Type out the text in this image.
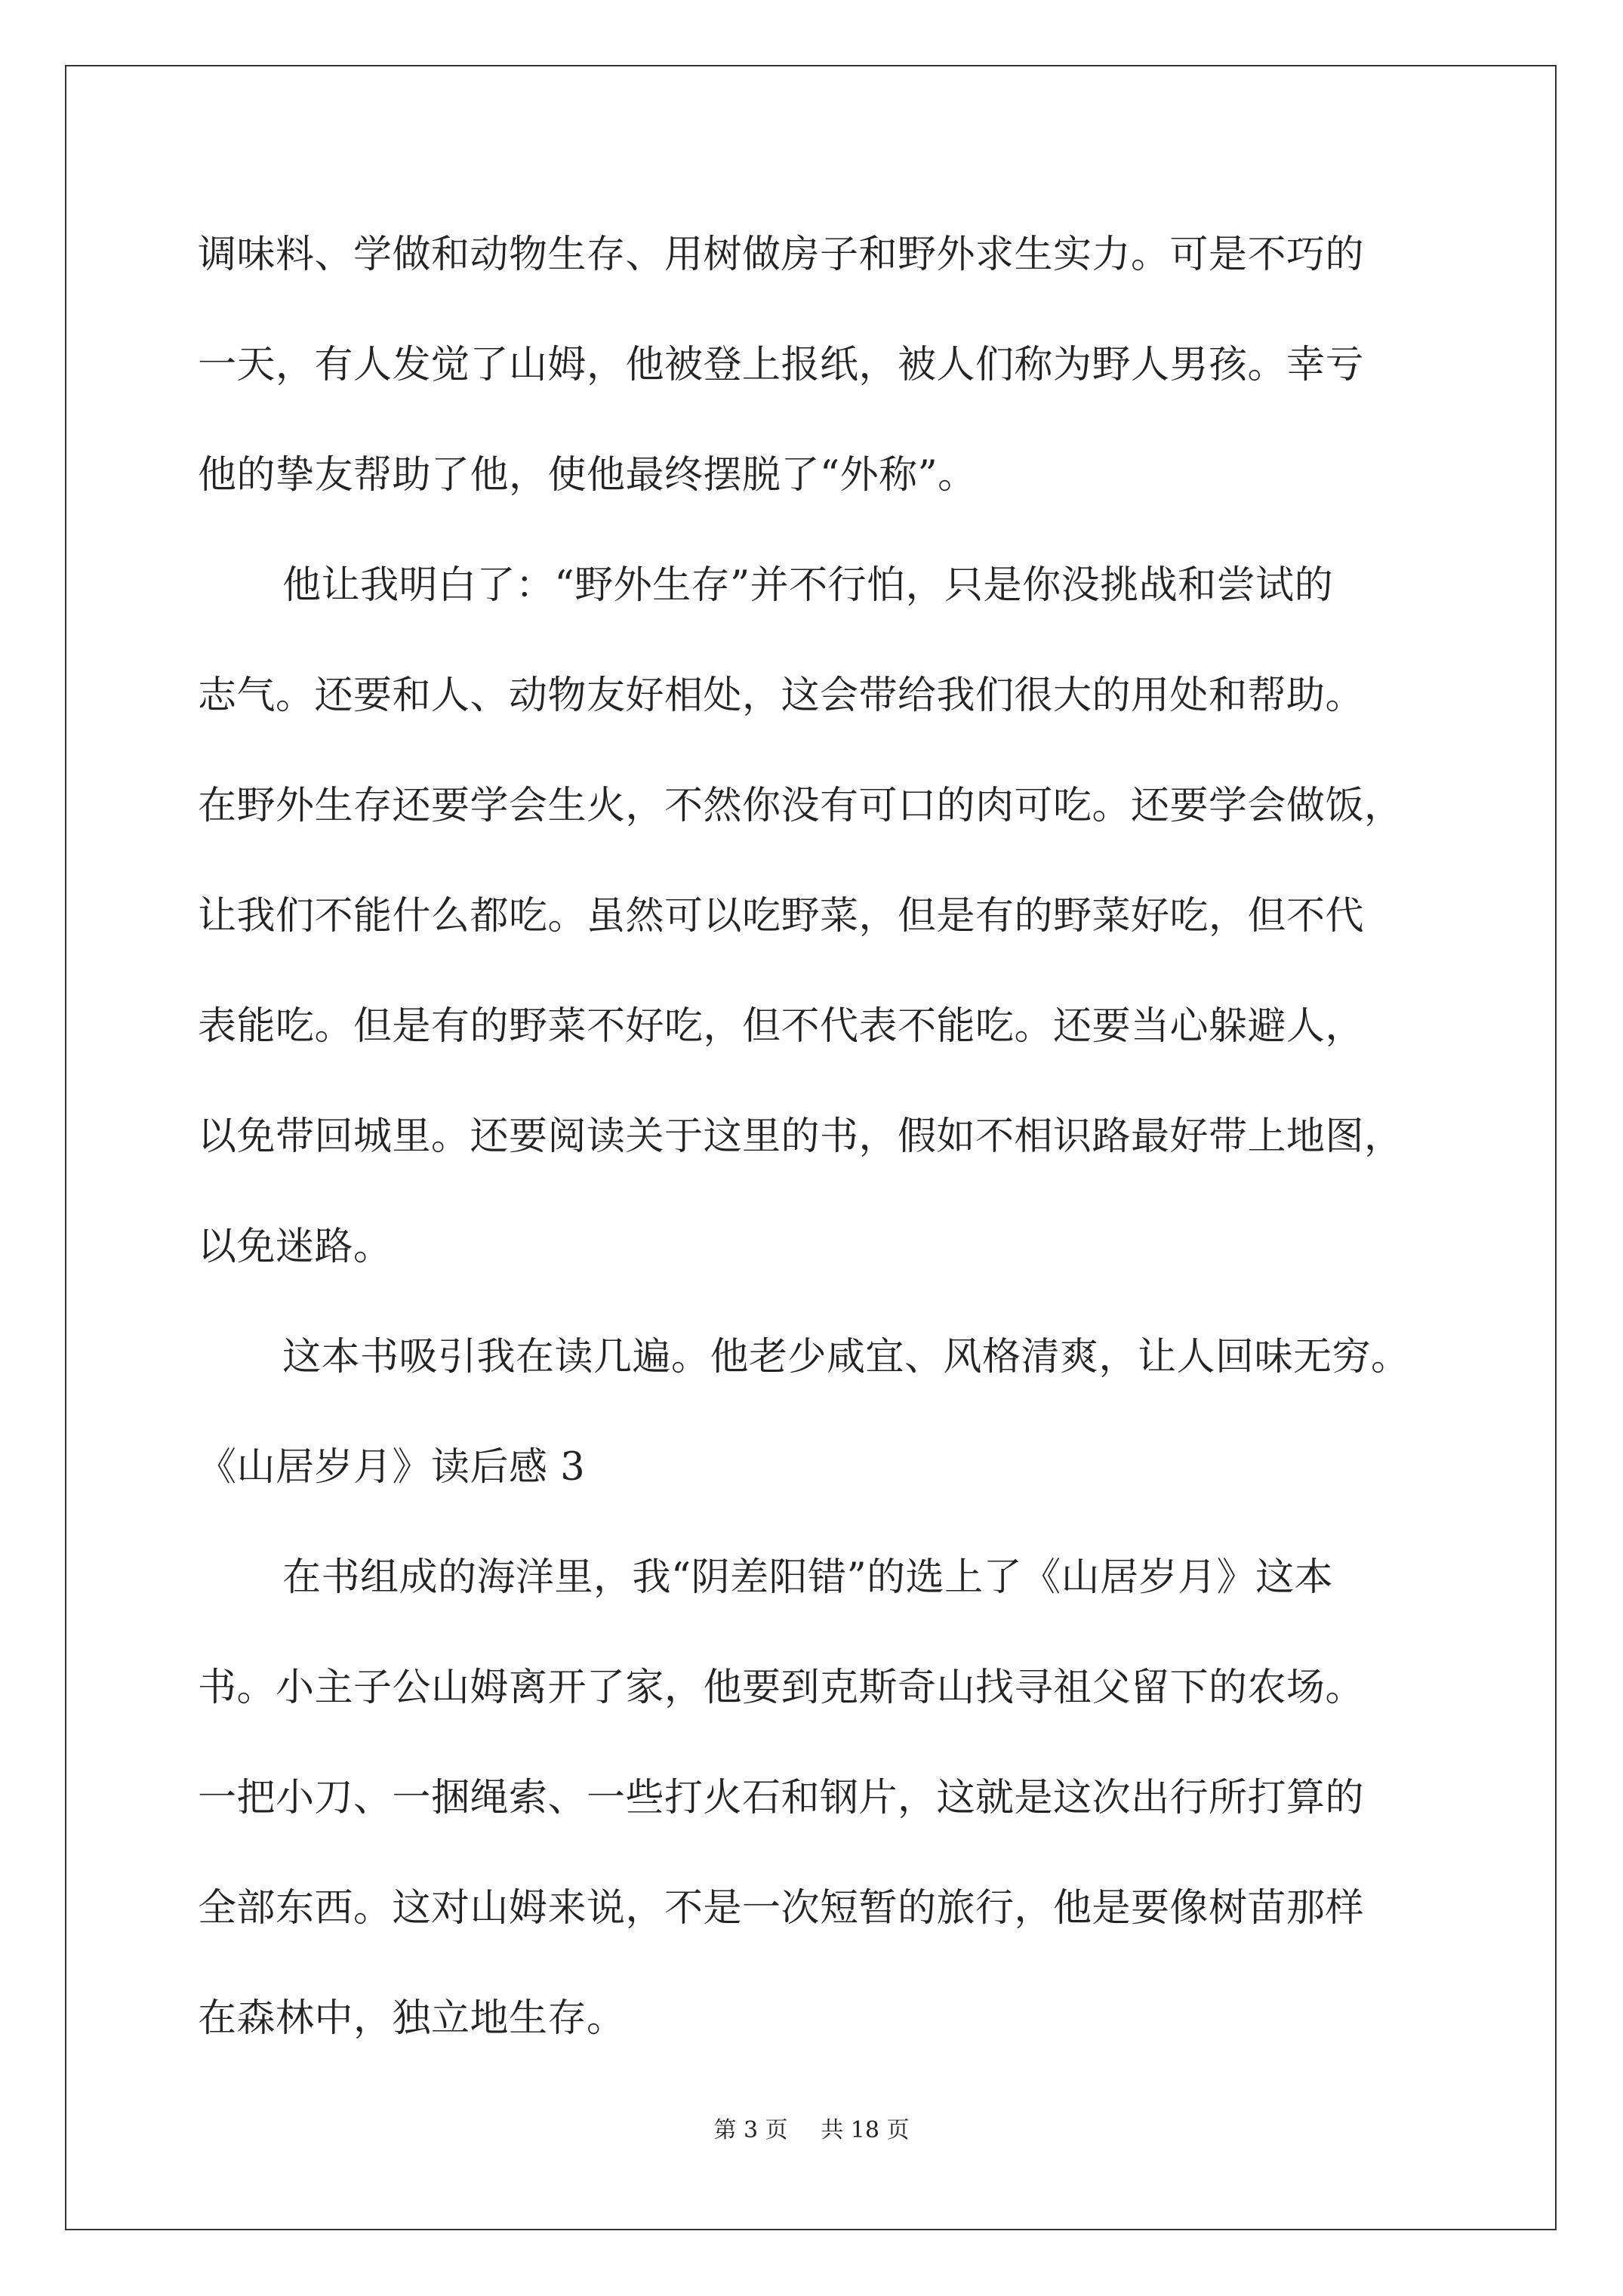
调味料、学做和动物生存、用树做房子和野外求生实力。可是不巧的
一天，有人发觉了山姆，他被登上报纸，被人们称为野人男孩。幸亏
他的挚友帮助了他，使他最终摆脱了“外称”。
他让我明白了：“野外生存”并不行怕，只是你没挑战和尝试的
志气。还要和人、动物友好相处，这会带给我们很大的用处和帮助。
在野外生存还要学会生火，不然你没有可口的肉可吃。还要学会做饭，
让我们不能什么都吃。虽然可以吃野菜，但是有的野菜好吃，但不代
表能吃。但是有的野菜不好吃，但不代表不能吃。还要当心躲避人，
以免带回城里。还要阅读关于这里的书，假如不相识路最好带上地图，
以免迷路。
这本书吸引我在读几遍。他老少咸宜、风格清爽，让人回味无穷。
《山居岁月》读后感 3
在书组成的海洋里，我“阴差阳错”的选上了《山居岁月》这本
书。小主子公山姆离开了家，他要到克斯奇山找寻祖父留下的农场。
一把小刀、一捆绳索、一些打火石和钢片，这就是这次出行所打算的
全部东西。这对山姆来说，不是一次短暂的旅行，他是要像树苗那样
在森林中，独立地生存。
第 3 页 共 18 页
